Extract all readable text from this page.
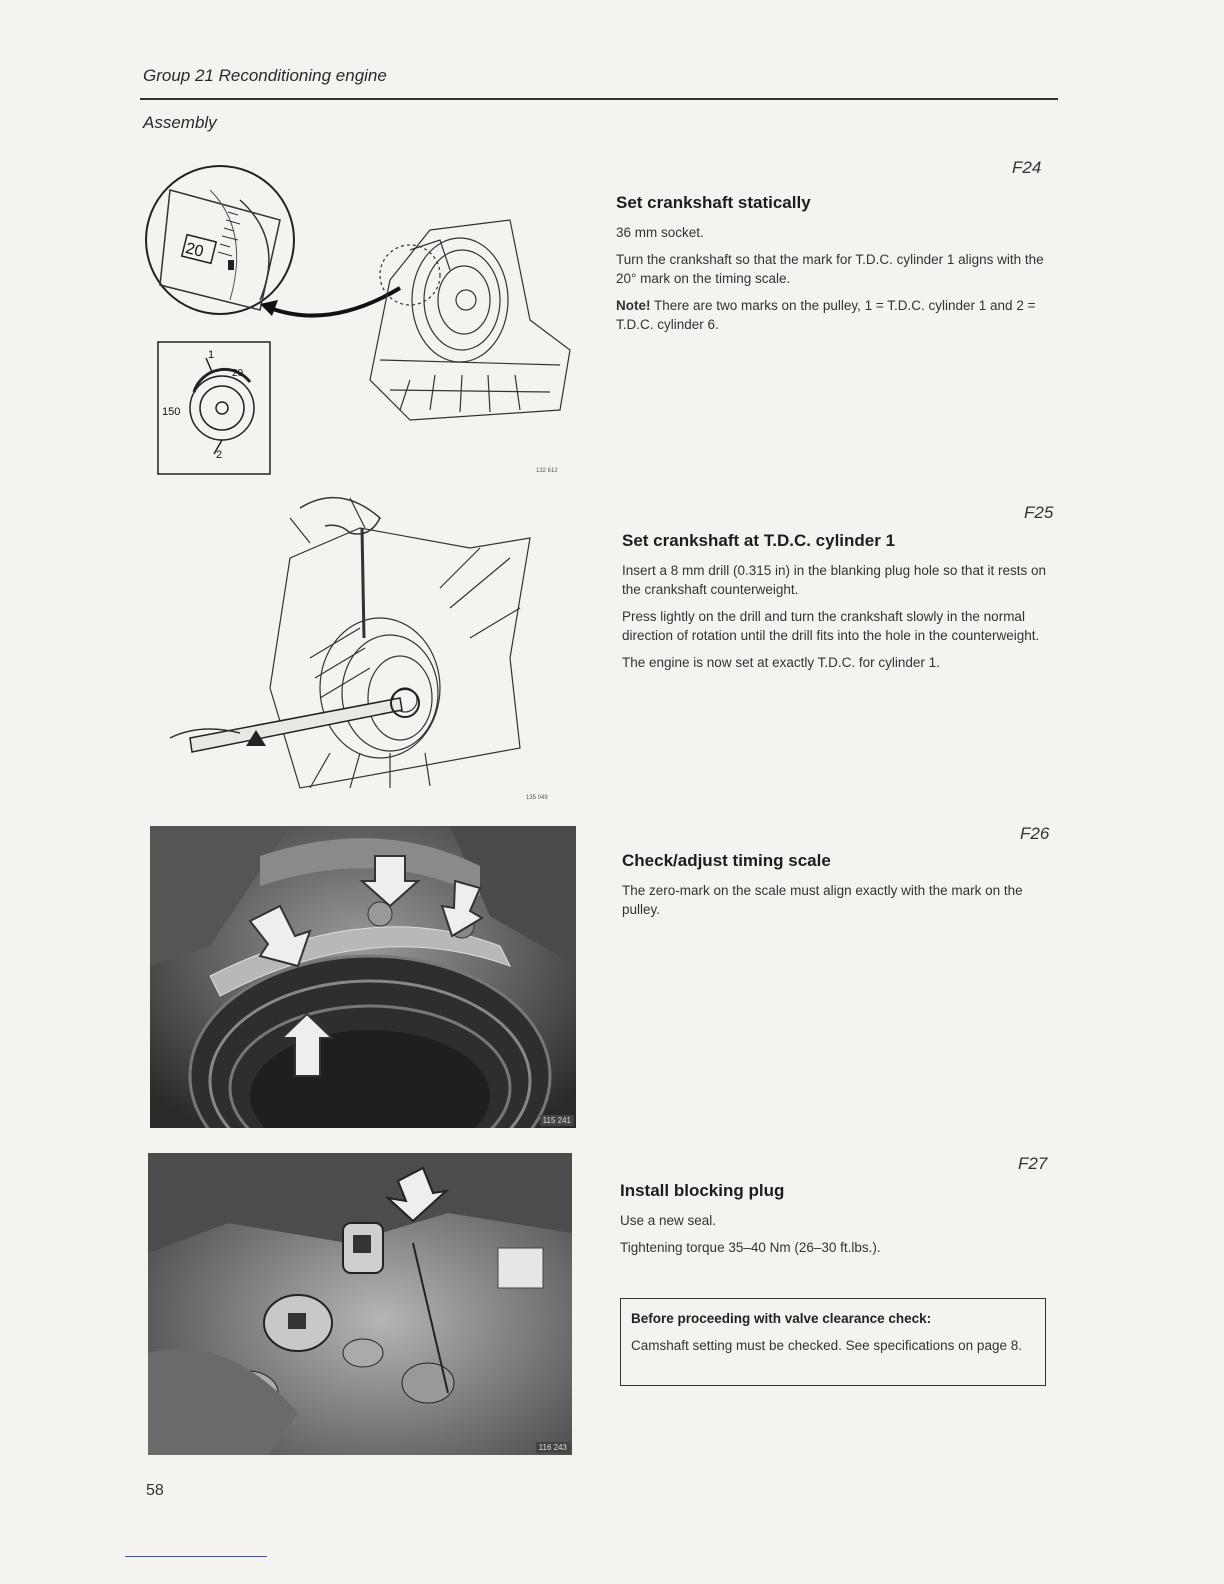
Group 21 Reconditioning engine
Assembly
20
1
2
150
20
132 612
F24
Set crankshaft statically

36 mm socket.

Turn the crankshaft so that the mark for T.D.C. cylinder 1 aligns with the 20° mark on the timing scale.

Note! There are two marks on the pulley, 1 = T.D.C. cylinder 1 and 2 = T.D.C. cylinder 6.

135 049
F25
Set crankshaft at T.D.C. cylinder 1

Insert a 8 mm drill (0.315 in) in the blanking plug hole so that it rests on the crankshaft counterweight.

Press lightly on the drill and turn the crankshaft slowly in the normal direction of rotation until the drill fits into the hole in the counterweight.

The engine is now set at exactly T.D.C. for cylinder 1.

115 241
F26
Check/adjust timing scale

The zero-mark on the scale must align exactly with the mark on the pulley.

116 243
F27
Install blocking plug

Use a new seal.

Tightening torque 35–40 Nm (26–30 ft.lbs.).

Before proceeding with valve clearance check:

Camshaft setting must be checked. See specifications on page 8.

58
